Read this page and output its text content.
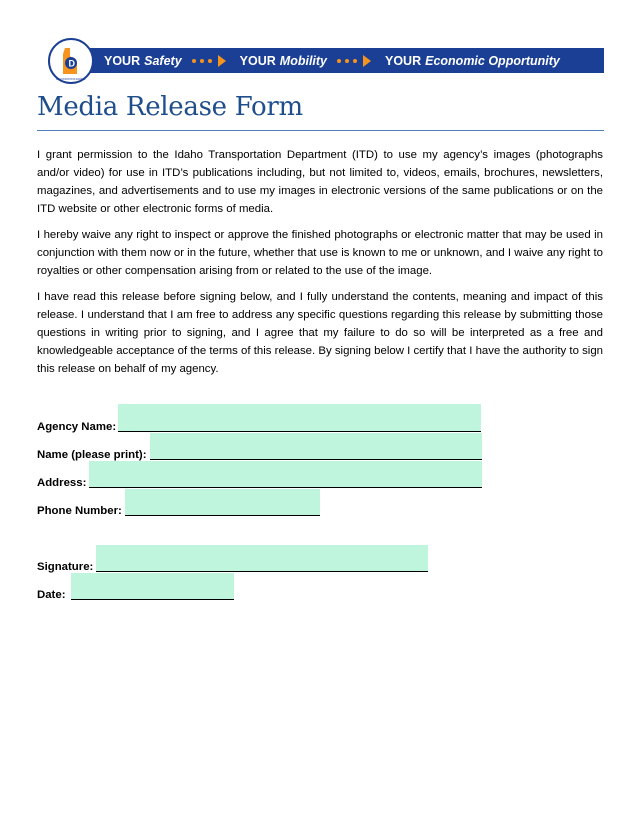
D
IDAHO TRANSPORTATION DEPARTMENT
YOUR Safety	YOUR Mobility	YOUR Economic Opportunity
Media Release Form

I grant permission to the Idaho Transportation Department (ITD) to use my agency’s images (photographs and/or video) for use in ITD’s publications including, but not limited to, videos, emails, brochures, newsletters, magazines, and advertisements and to use my images in electronic versions of the same publications or on the ITD website or other electronic forms of media.

I hereby waive any right to inspect or approve the finished photographs or electronic matter that may be used in conjunction with them now or in the future, whether that use is known to me or unknown, and I waive any right to royalties or other compensation arising from or related to the use of the image.

I have read this release before signing below, and I fully understand the contents, meaning and impact of this release. I understand that I am free to address any specific questions regarding this release by submitting those questions in writing prior to signing, and I agree that my failure to do so will be interpreted as a free and knowledgeable acceptance of the terms of this release. By signing below I certify that I have the authority to sign this release on behalf of my agency.

Agency Name:
Name (please print):
Address:
Phone Number:
Signature:
Date:
